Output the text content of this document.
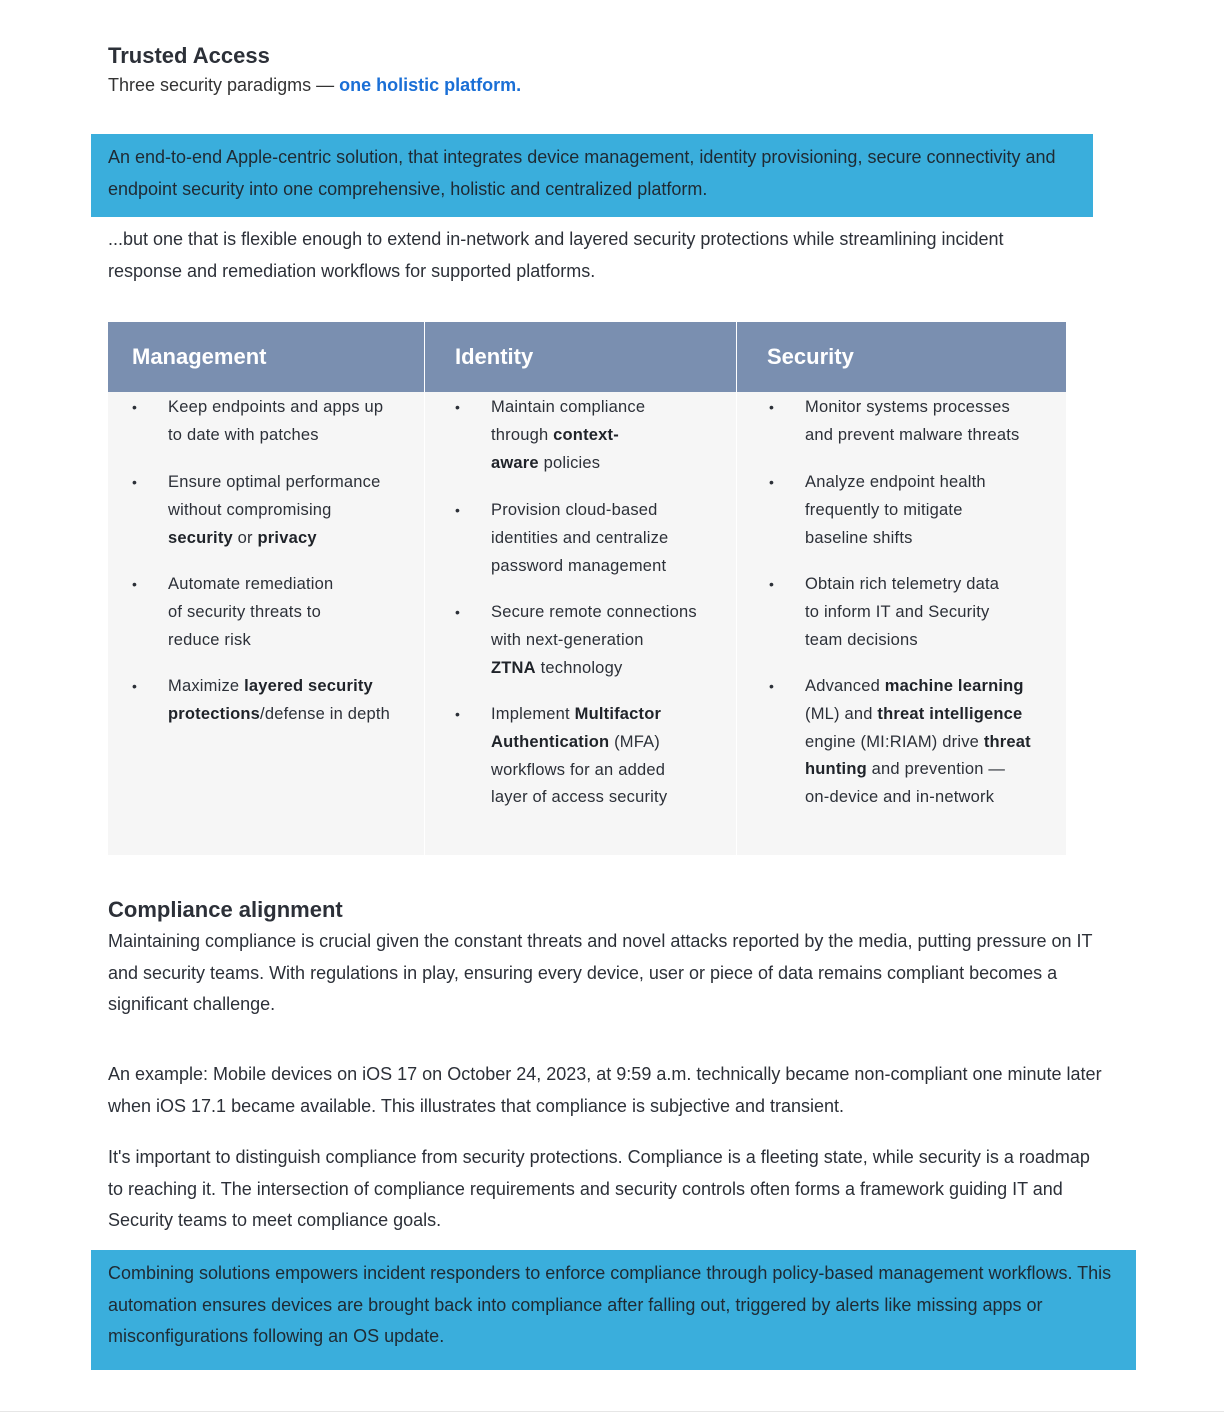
Trusted Access

Three security paradigms — one holistic platform.

An end-to-end Apple-centric solution, that integrates device management, identity provisioning, secure connectivity and endpoint security into one comprehensive, holistic and centralized platform.

...but one that is flexible enough to extend in-network and layered security protections while streamlining incident response and remediation workflows for supported platforms.

Management
• Keep endpoints and apps up
to date with patches
• Ensure optimal performance
without compromising
security or privacy
• Automate remediation
of security threats to
reduce risk
• Maximize layered security
protections/defense in depth
Identity
• Maintain compliance
through context-
aware policies
• Provision cloud-based
identities and centralize
password management
• Secure remote connections
with next-generation
ZTNA technology
• Implement Multifactor
Authentication (MFA)
workflows for an added
layer of access security
Security
• Monitor systems processes
and prevent malware threats
• Analyze endpoint health
frequently to mitigate
baseline shifts
• Obtain rich telemetry data
to inform IT and Security
team decisions
• Advanced machine learning
(ML) and threat intelligence
engine (MI:RIAM) drive threat
hunting and prevention —
on-device and in-network
Compliance alignment

Maintaining compliance is crucial given the constant threats and novel attacks reported by the media, putting pressure on IT and security teams. With regulations in play, ensuring every device, user or piece of data remains compliant becomes a significant challenge.

An example: Mobile devices on iOS 17 on October 24, 2023, at 9:59 a.m. technically became non-compliant one minute later when iOS 17.1 became available. This illustrates that compliance is subjective and transient.

It's important to distinguish compliance from security protections. Compliance is a fleeting state, while security is a roadmap to reaching it. The intersection of compliance requirements and security controls often forms a framework guiding IT and Security teams to meet compliance goals.

Combining solutions empowers incident responders to enforce compliance through policy-based management workflows. This automation ensures devices are brought back into compliance after falling out, triggered by alerts like missing apps or misconfigurations following an OS update.
